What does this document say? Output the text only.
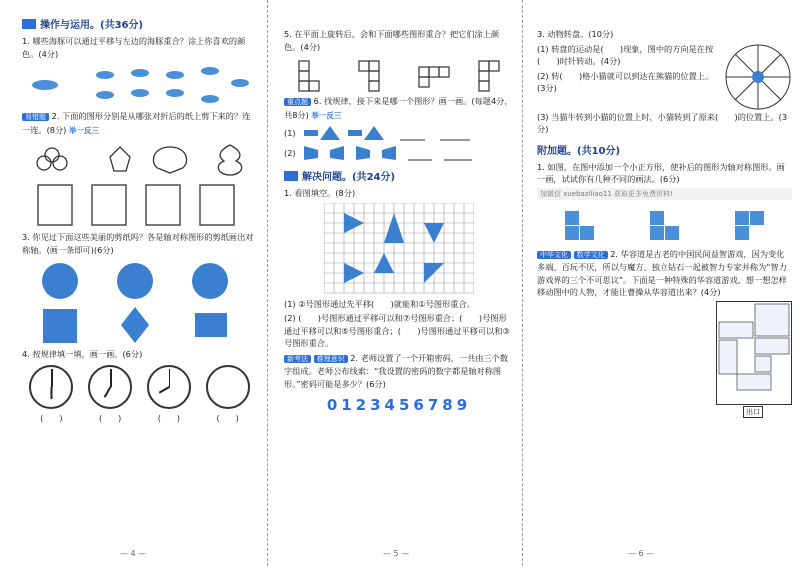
操作与运用。(共36分)
1. 哪些海豚可以通过平移与左边的海豚重合？涂上你喜欢的颜色。(4分)
易错题 2. 下面的图形分别是从哪张对折后的纸上剪下来的？连一连。(8分) 举一反三
3. 你见过下面这些美丽的剪纸吗？各是轴对称图形的剪纸画出对称轴。(画一条即可)(6分)
4. 按规律填一填，画一画。(6分)
(　　)	(　　)	(　　)	(　　)
— 4 —
5. 在平面上旋转后，会和下面哪些图形重合？把它们涂上颜色。(4分)
重点题 6. 找规律，接下来是哪一个图形？画一画。(每题4分，共8分) 举一反三
(1)
(2)
解决问题。(共24分)
1. 看图填空。(8分)
(1) ②号图形通过先平移(　　)就能和①号图形重合。
(2) (　　)号图形通过平移可以和⑦号图形重合；(　　)号图形通过平移可以和⑤号图形重合；(　　)号图形通过平移可以和③号图形重合。
新考法 推理意识 2. 老师设置了一个开箱密码，一共由三个数字组成。老师公布线索：“我设置的密码的数字都是轴对称图形。”密码可能是多少？(6分)
0123456789
— 5 —
3. 动物转盘。(10分)
(1) 转盘的运动是(　　)现象，图中的方向是在按(　　)时针转动。(4分)
(2) 转(　　)格小猫就可以到达在熊猫的位置上。(3分)
(3) 当猫牛转到小猫的位置上时，小猫转到了原来(　　)的位置上。(3分)
附加题。(共10分)
1. 如图，在图中添加一个小正方形，使补后的图形为轴对称图形。画一画，试试你有几种不同的画法。(6分)
加微信 xuebaziliao11 获取更多免费资料!
中华文化 数学文化 2. 华容道是古老的中国民间益智游戏，因为变化多端、百玩不厌，所以与魔方、独立钻石一起被智力专家并称为“智力游戏界的三个不可思议”。下面是一种特殊的华容道游戏，想一想怎样移动图中的人物，才能让曹操从华容道出来？(4分)
出口
— 6 —
